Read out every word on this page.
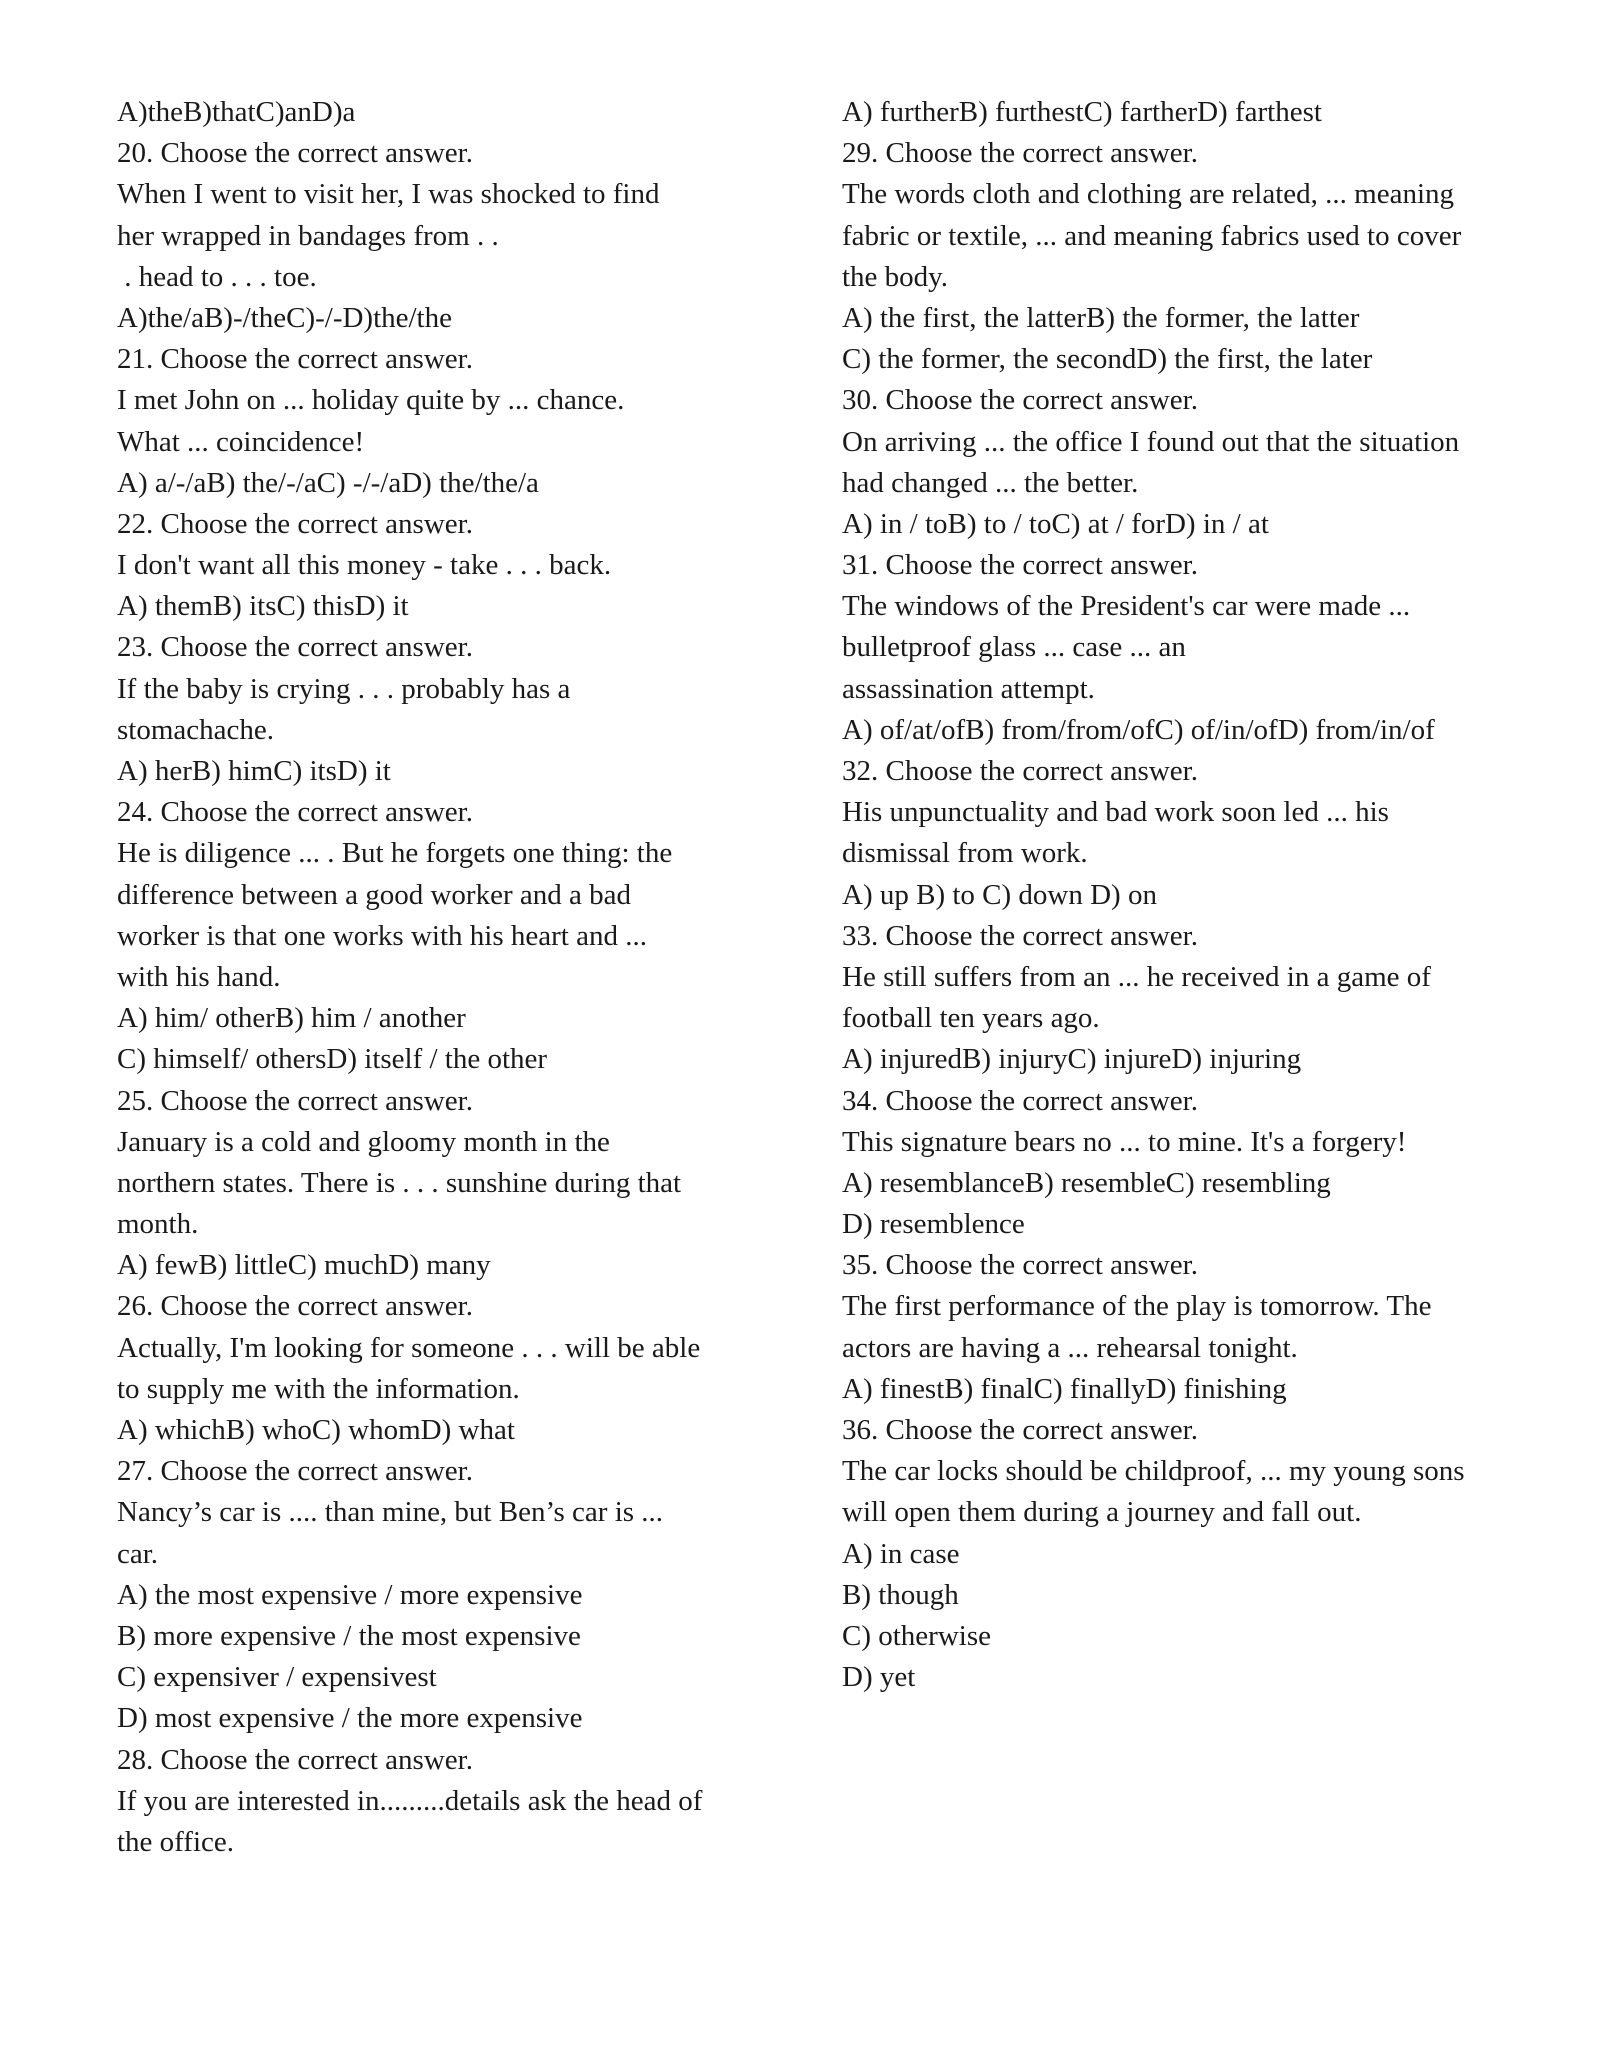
A)theB)thatC)anD)a

20. Choose the correct answer.

When I went to visit her, I was shocked to find

her wrapped in bandages from . .

. head to . . . toe.

A)the/aB)-/theC)-/-D)the/the

21. Choose the correct answer.

I met John on ... holiday quite by ... chance.

What ... coincidence!

A) a/-/aB) the/-/aC) -/-/aD) the/the/a

22. Choose the correct answer.

I don't want all this money - take . . . back.

A) themB) itsC) thisD) it

23. Choose the correct answer.

If the baby is crying . . . probably has a

stomachache.

A) herB) himC) itsD) it

24. Choose the correct answer.

He is diligence ... . But he forgets one thing: the

difference between a good worker and a bad

worker is that one works with his heart and ...

with his hand.

A) him/ otherB) him / another

C) himself/ othersD) itself / the other

25. Choose the correct answer.

January is a cold and gloomy month in the

northern states. There is . . . sunshine during that

month.

A) fewB) littleC) muchD) many

26. Choose the correct answer.

Actually, I'm looking for someone . . . will be able

to supply me with the information.

A) whichB) whoC) whomD) what

27. Choose the correct answer.

Nancy’s car is .... than mine, but Ben’s car is ...

car.

A) the most expensive / more expensive

B) more expensive / the most expensive

C) expensiver / expensivest

D) most expensive / the more expensive

28. Choose the correct answer.

If you are interested in.........details ask the head of

the office.

A) furtherB) furthestC) fartherD) farthest

29. Choose the correct answer.

The words cloth and clothing are related, ... meaning

fabric or textile, ... and meaning fabrics used to cover

the body.

A) the first, the latterB) the former, the latter

C) the former, the secondD) the first, the later

30. Choose the correct answer.

On arriving ... the office I found out that the situation

had changed ... the better.

A) in / toB) to / toC) at / forD) in / at

31. Choose the correct answer.

The windows of the President's car were made ...

bulletproof glass ... case ... an

assassination attempt.

A) of/at/ofB) from/from/ofC) of/in/ofD) from/in/of

32. Choose the correct answer.

His unpunctuality and bad work soon led ... his

dismissal from work.

A) up B) to C) down D) on

33. Choose the correct answer.

He still suffers from an ... he received in a game of

football ten years ago.

A) injuredB) injuryC) injureD) injuring

34. Choose the correct answer.

This signature bears no ... to mine. It's a forgery!

A) resemblanceB) resembleC) resembling

D) resemblence

35. Choose the correct answer.

The first performance of the play is tomorrow. The

actors are having a ... rehearsal tonight.

A) finestB) finalC) finallyD) finishing

36. Choose the correct answer.

The car locks should be childproof, ... my young sons

will open them during a journey and fall out.

A) in case

B) though

C) otherwise

D) yet
